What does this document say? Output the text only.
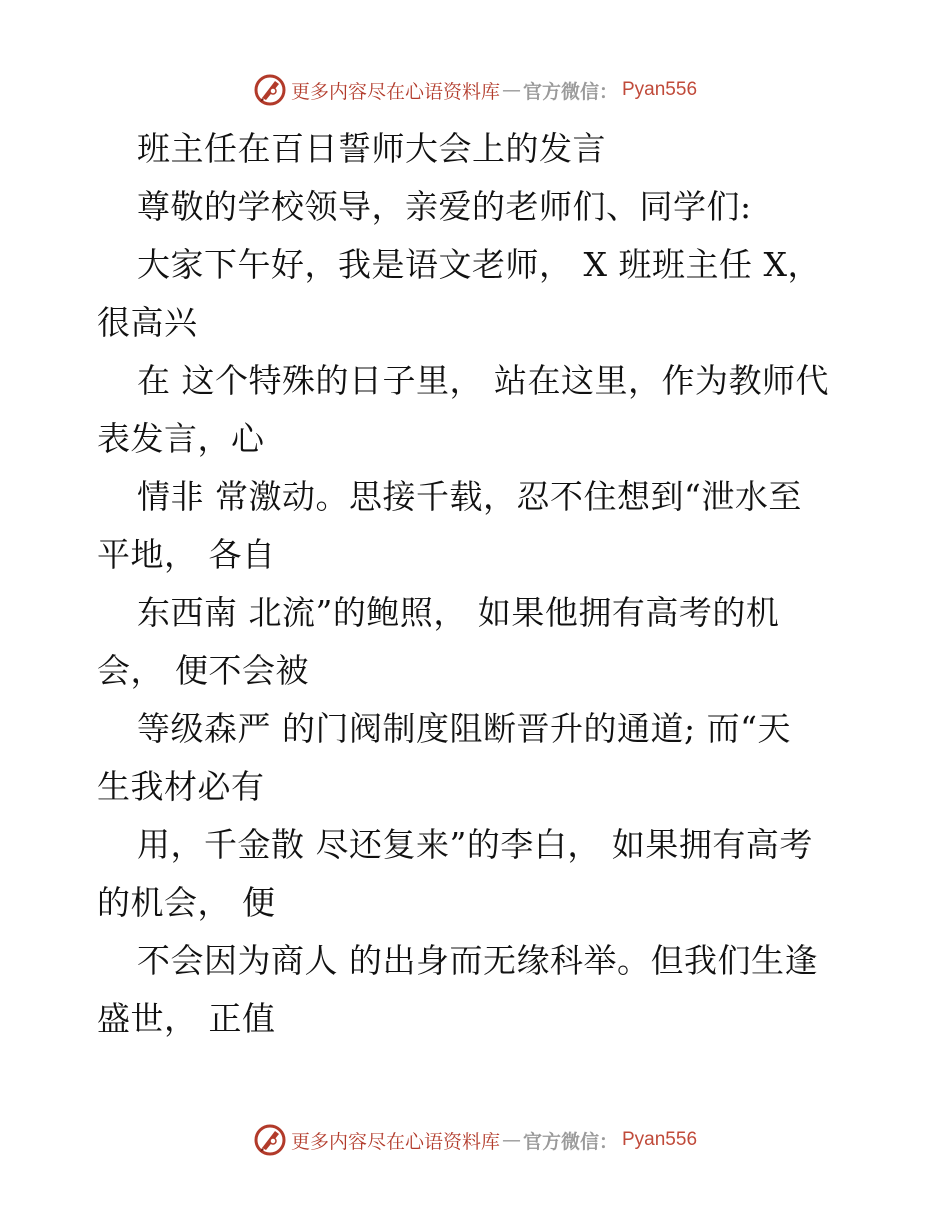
更多内容尽在心语资料库 — 官方微信： Pyan556
班主任在百日誓师大会上的发言
尊敬的学校领导，亲爱的老师们、同学们:
大家下午好，我是语文老师， X 班班主任 X，
很高兴
在 这个特殊的日子里， 站在这里，作为教师代
表发言，心
情非 常激动。思接千载，忍不住想到“泄水至
平地， 各自
东西南 北流”的鲍照， 如果他拥有高考的机
会， 便不会被
等级森严 的门阀制度阻断晋升的通道; 而“天
生我材必有
用，千金散 尽还复来”的李白， 如果拥有高考
的机会， 便
不会因为商人 的出身而无缘科举。但我们生逢
盛世， 正值
更多内容尽在心语资料库 — 官方微信： Pyan556
